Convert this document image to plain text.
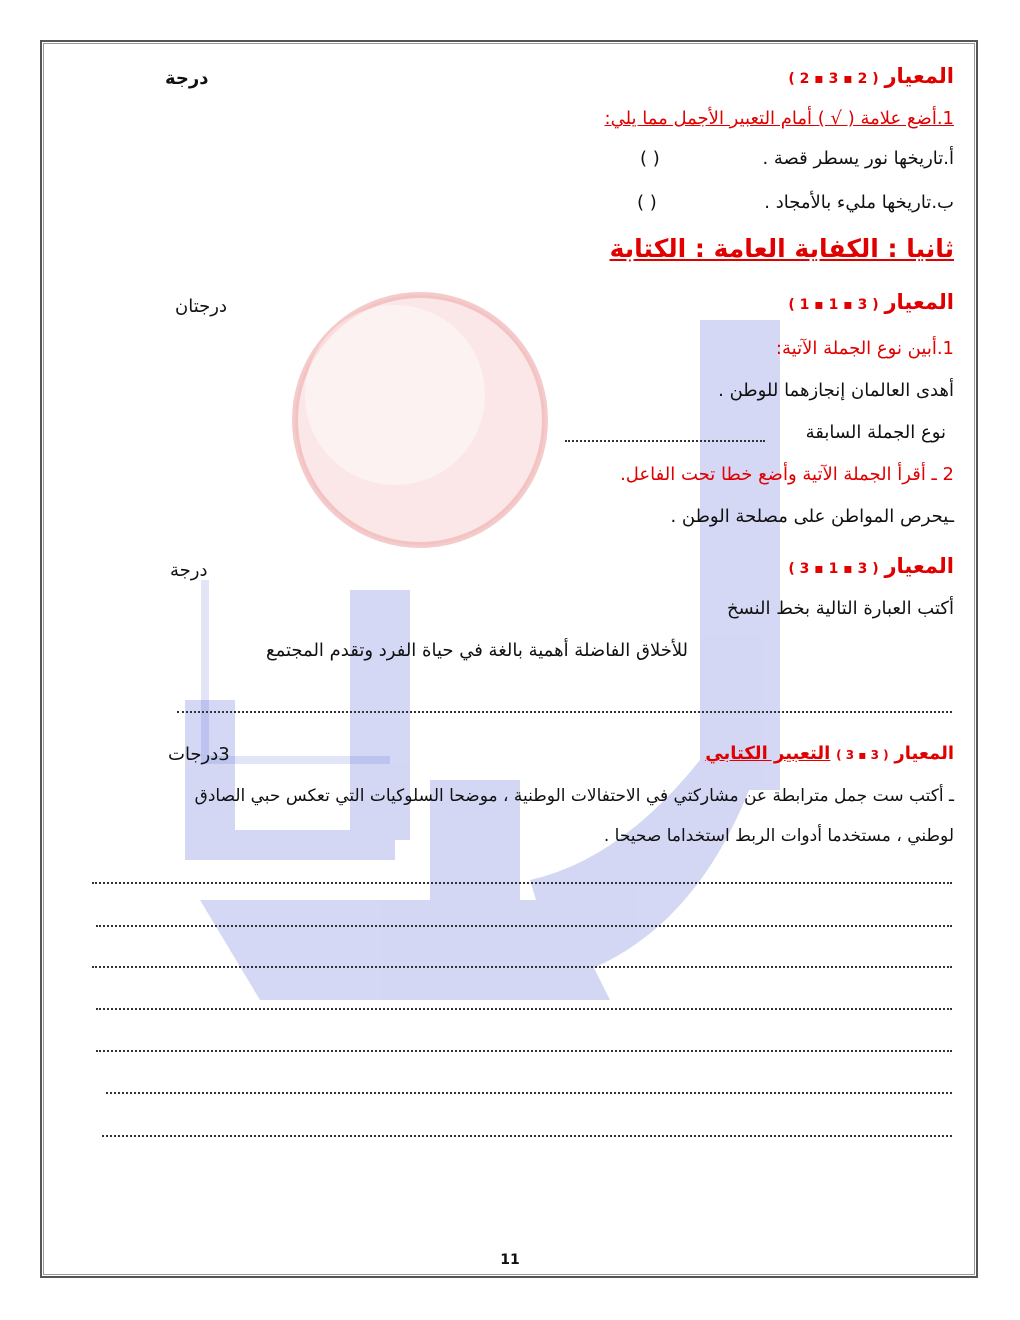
المعيار ( 2 ▪ 3 ▪ 2 )
درجة
1.أضع علامة ( √ ) أمام التعبير الأجمل مما يلي:
أ.تاريخها نور يسطر قصة .
( )
ب.تاريخها مليء بالأمجاد .
( )
ثانيا : الكفاية العامة : الكتابة
المعيار ( 3 ▪ 1 ▪ 1 )
درجتان
1.أبين نوع الجملة الآتية:
أهدى العالمان إنجازهما للوطن .
نوع الجملة السابقة
2 ـ أقرأ الجملة الآتية وأضع خطا تحت الفاعل.
ـيحرص المواطن على مصلحة الوطن .
المعيار ( 3 ▪ 1 ▪ 3 )
درجة
أكتب العبارة التالية بخط النسخ
للأخلاق الفاضلة أهمية بالغة في حياة الفرد وتقدم المجتمع
المعيار ( 3 ▪ 3 ) التعبير الكتابي
3درجات
ـ أكتب ست جمل مترابطة عن مشاركتي في الاحتفالات الوطنية ، موضحا السلوكيات التي تعكس حبي الصادق
لوطني ، مستخدما أدوات الربط استخداما صحيحا .
11
